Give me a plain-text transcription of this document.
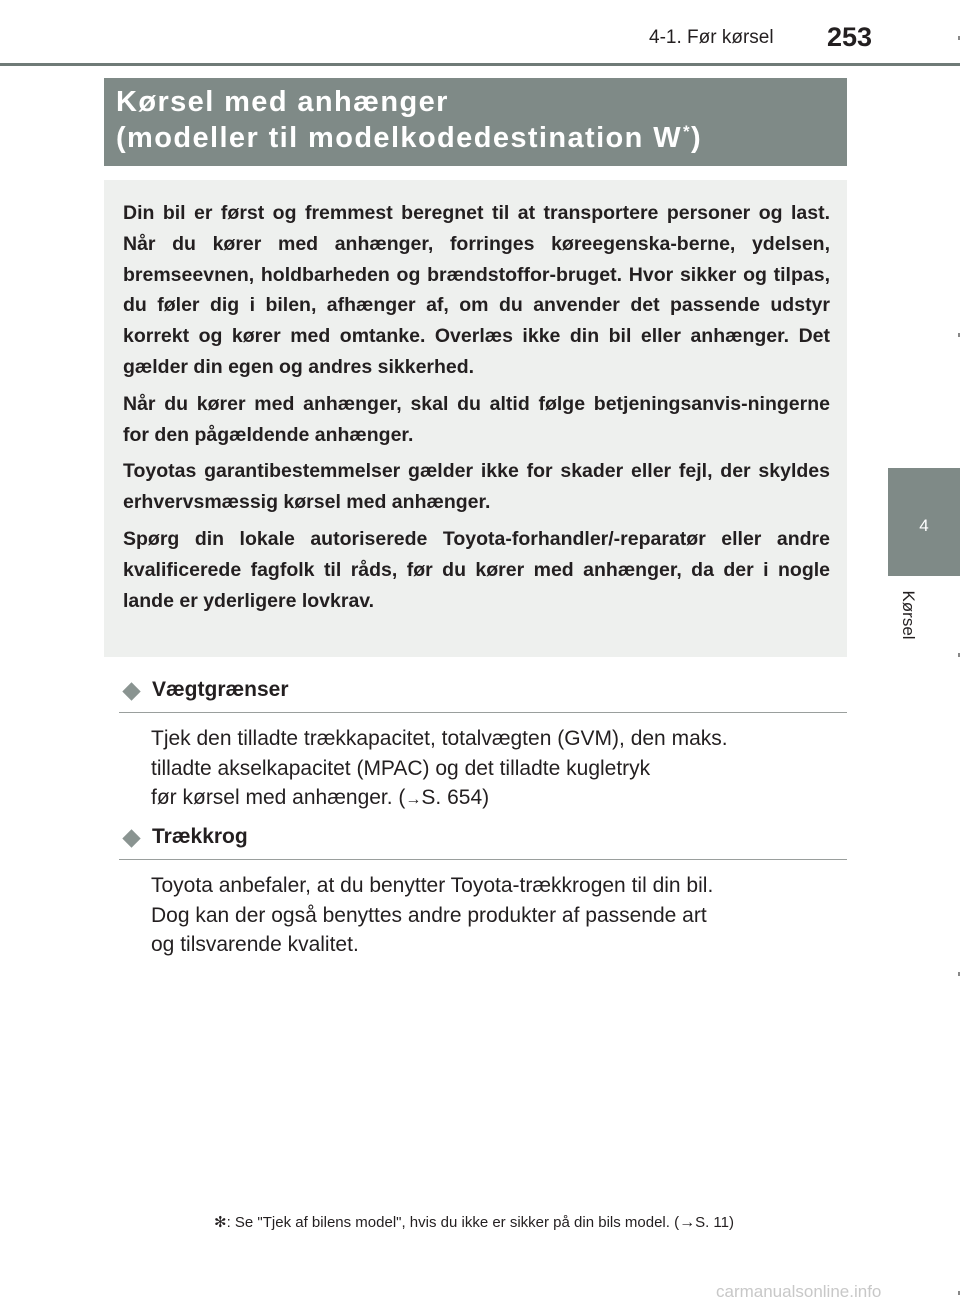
4-1. Før kørsel 253
4
Kørsel
Kørsel med anhænger
(modeller til modelkodedestination W*)

Din bil er først og fremmest beregnet til at transportere personer og last. Når du kører med anhænger, forringes køreegenska-berne, ydelsen, bremseevnen, holdbarheden og brændstoffor-bruget. Hvor sikker og tilpas, du føler dig i bilen, afhænger af, om du anvender det passende udstyr korrekt og kører med omtanke. Overlæs ikke din bil eller anhænger. Det gælder din egen og andres sikkerhed.

Når du kører med anhænger, skal du altid følge betjeningsanvis-ningerne for den pågældende anhænger.

Toyotas garantibestemmelser gælder ikke for skader eller fejl, der skyldes erhvervsmæssig kørsel med anhænger.

Spørg din lokale autoriserede Toyota-forhandler/-reparatør eller andre kvalificerede fagfolk til råds, før du kører med anhænger, da der i nogle lande er yderligere lovkrav.

Vægtgrænser

Tjek den tilladte trækkapacitet, totalvægten (GVM), den maks.

tilladte akselkapacitet (MPAC) og det tilladte kugletryk

før kørsel med anhænger. (→S. 654)

Trækkrog

Toyota anbefaler, at du benytter Toyota-trækkrogen til din bil.

Dog kan der også benyttes andre produkter af passende art

og tilsvarende kvalitet.

✻: Se "Tjek af bilens model", hvis du ikke er sikker på din bils model. (→S. 11)
carmanualsonline.info
